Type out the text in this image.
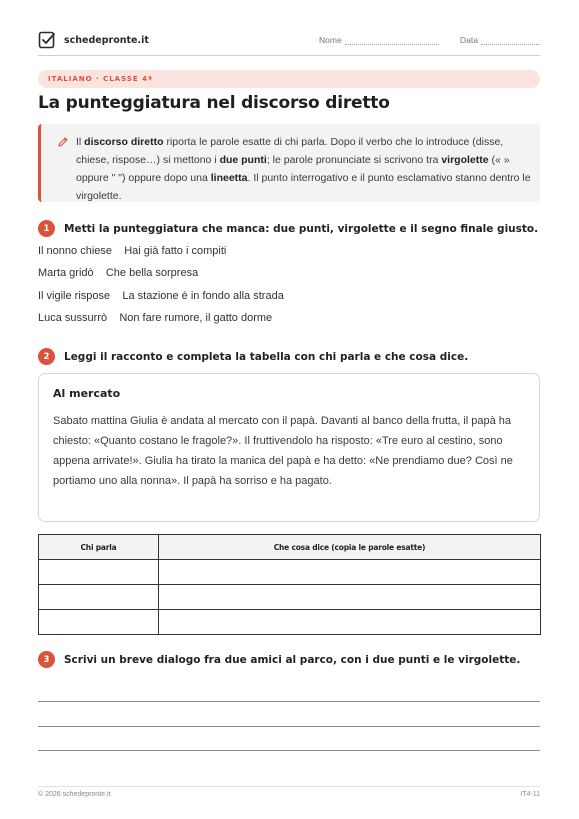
schedepronte.it	Nome	Data
ITALIANO · CLASSE 4ª
La punteggiatura nel discorso diretto
Il discorso diretto riporta le parole esatte di chi parla. Dopo il verbo che lo introduce (disse, chiese, rispose…) si mettono i due punti; le parole pronunciate si scrivono tra virgolette (« » oppure " ") oppure dopo una lineetta. Il punto interrogativo e il punto esclamativo stanno dentro le virgolette.
1	Metti la punteggiatura che manca: due punti, virgolette e il segno finale giusto.
Il nonno chiese    Hai già fatto i compiti
Marta gridò    Che bella sorpresa
Il vigile rispose    La stazione è in fondo alla strada
Luca sussurrò    Non fare rumore, il gatto dorme
2	Leggi il racconto e completa la tabella con chi parla e che cosa dice.
Al mercato
Sabato mattina Giulia è andata al mercato con il papà. Davanti al banco della frutta, il papà ha chiesto: «Quanto costano le fragole?». Il fruttivendolo ha risposto: «Tre euro al cestino, sono appena arrivate!». Giulia ha tirato la manica del papà e ha detto: «Ne prendiamo due? Così ne portiamo uno alla nonna». Il papà ha sorriso e ha pagato.
Chi parla	Che cosa dice (copia le parole esatte)

3	Scrivi un breve dialogo fra due amici al parco, con i due punti e le virgolette.
© 2026 schedepronte.it	IT4-11
